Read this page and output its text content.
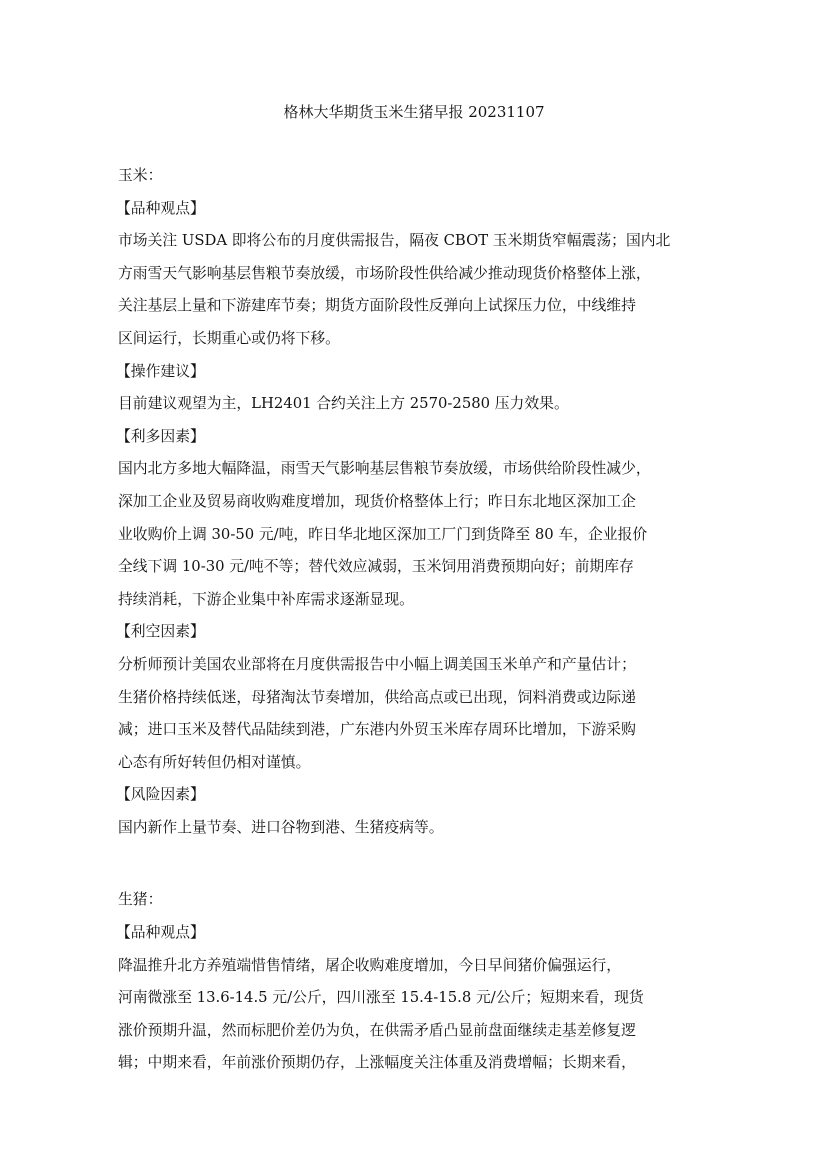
格林大华期货玉米生猪早报 20231107
玉米：
【品种观点】
市场关注 USDA 即将公布的月度供需报告，隔夜 CBOT 玉米期货窄幅震荡；国内北
方雨雪天气影响基层售粮节奏放缓，市场阶段性供给减少推动现货价格整体上涨，
关注基层上量和下游建库节奏；期货方面阶段性反弹向上试探压力位，中线维持
区间运行，长期重心或仍将下移。
【操作建议】
目前建议观望为主，LH2401 合约关注上方 2570-2580 压力效果。
【利多因素】
国内北方多地大幅降温，雨雪天气影响基层售粮节奏放缓，市场供给阶段性减少，
深加工企业及贸易商收购难度增加，现货价格整体上行；昨日东北地区深加工企
业收购价上调 30-50 元/吨，昨日华北地区深加工厂门到货降至 80 车，企业报价
全线下调 10-30 元/吨不等；替代效应减弱，玉米饲用消费预期向好；前期库存
持续消耗，下游企业集中补库需求逐渐显现。
【利空因素】
分析师预计美国农业部将在月度供需报告中小幅上调美国玉米单产和产量估计；
生猪价格持续低迷，母猪淘汰节奏增加，供给高点或已出现，饲料消费或边际递
减；进口玉米及替代品陆续到港，广东港内外贸玉米库存周环比增加，下游采购
心态有所好转但仍相对谨慎。
【风险因素】
国内新作上量节奏、进口谷物到港、生猪疫病等。
生猪：
【品种观点】
降温推升北方养殖端惜售情绪，屠企收购难度增加，今日早间猪价偏强运行，
河南微涨至 13.6-14.5 元/公斤，四川涨至 15.4-15.8 元/公斤；短期来看，现货
涨价预期升温，然而标肥价差仍为负，在供需矛盾凸显前盘面继续走基差修复逻
辑；中期来看，年前涨价预期仍存，上涨幅度关注体重及消费增幅；长期来看，
